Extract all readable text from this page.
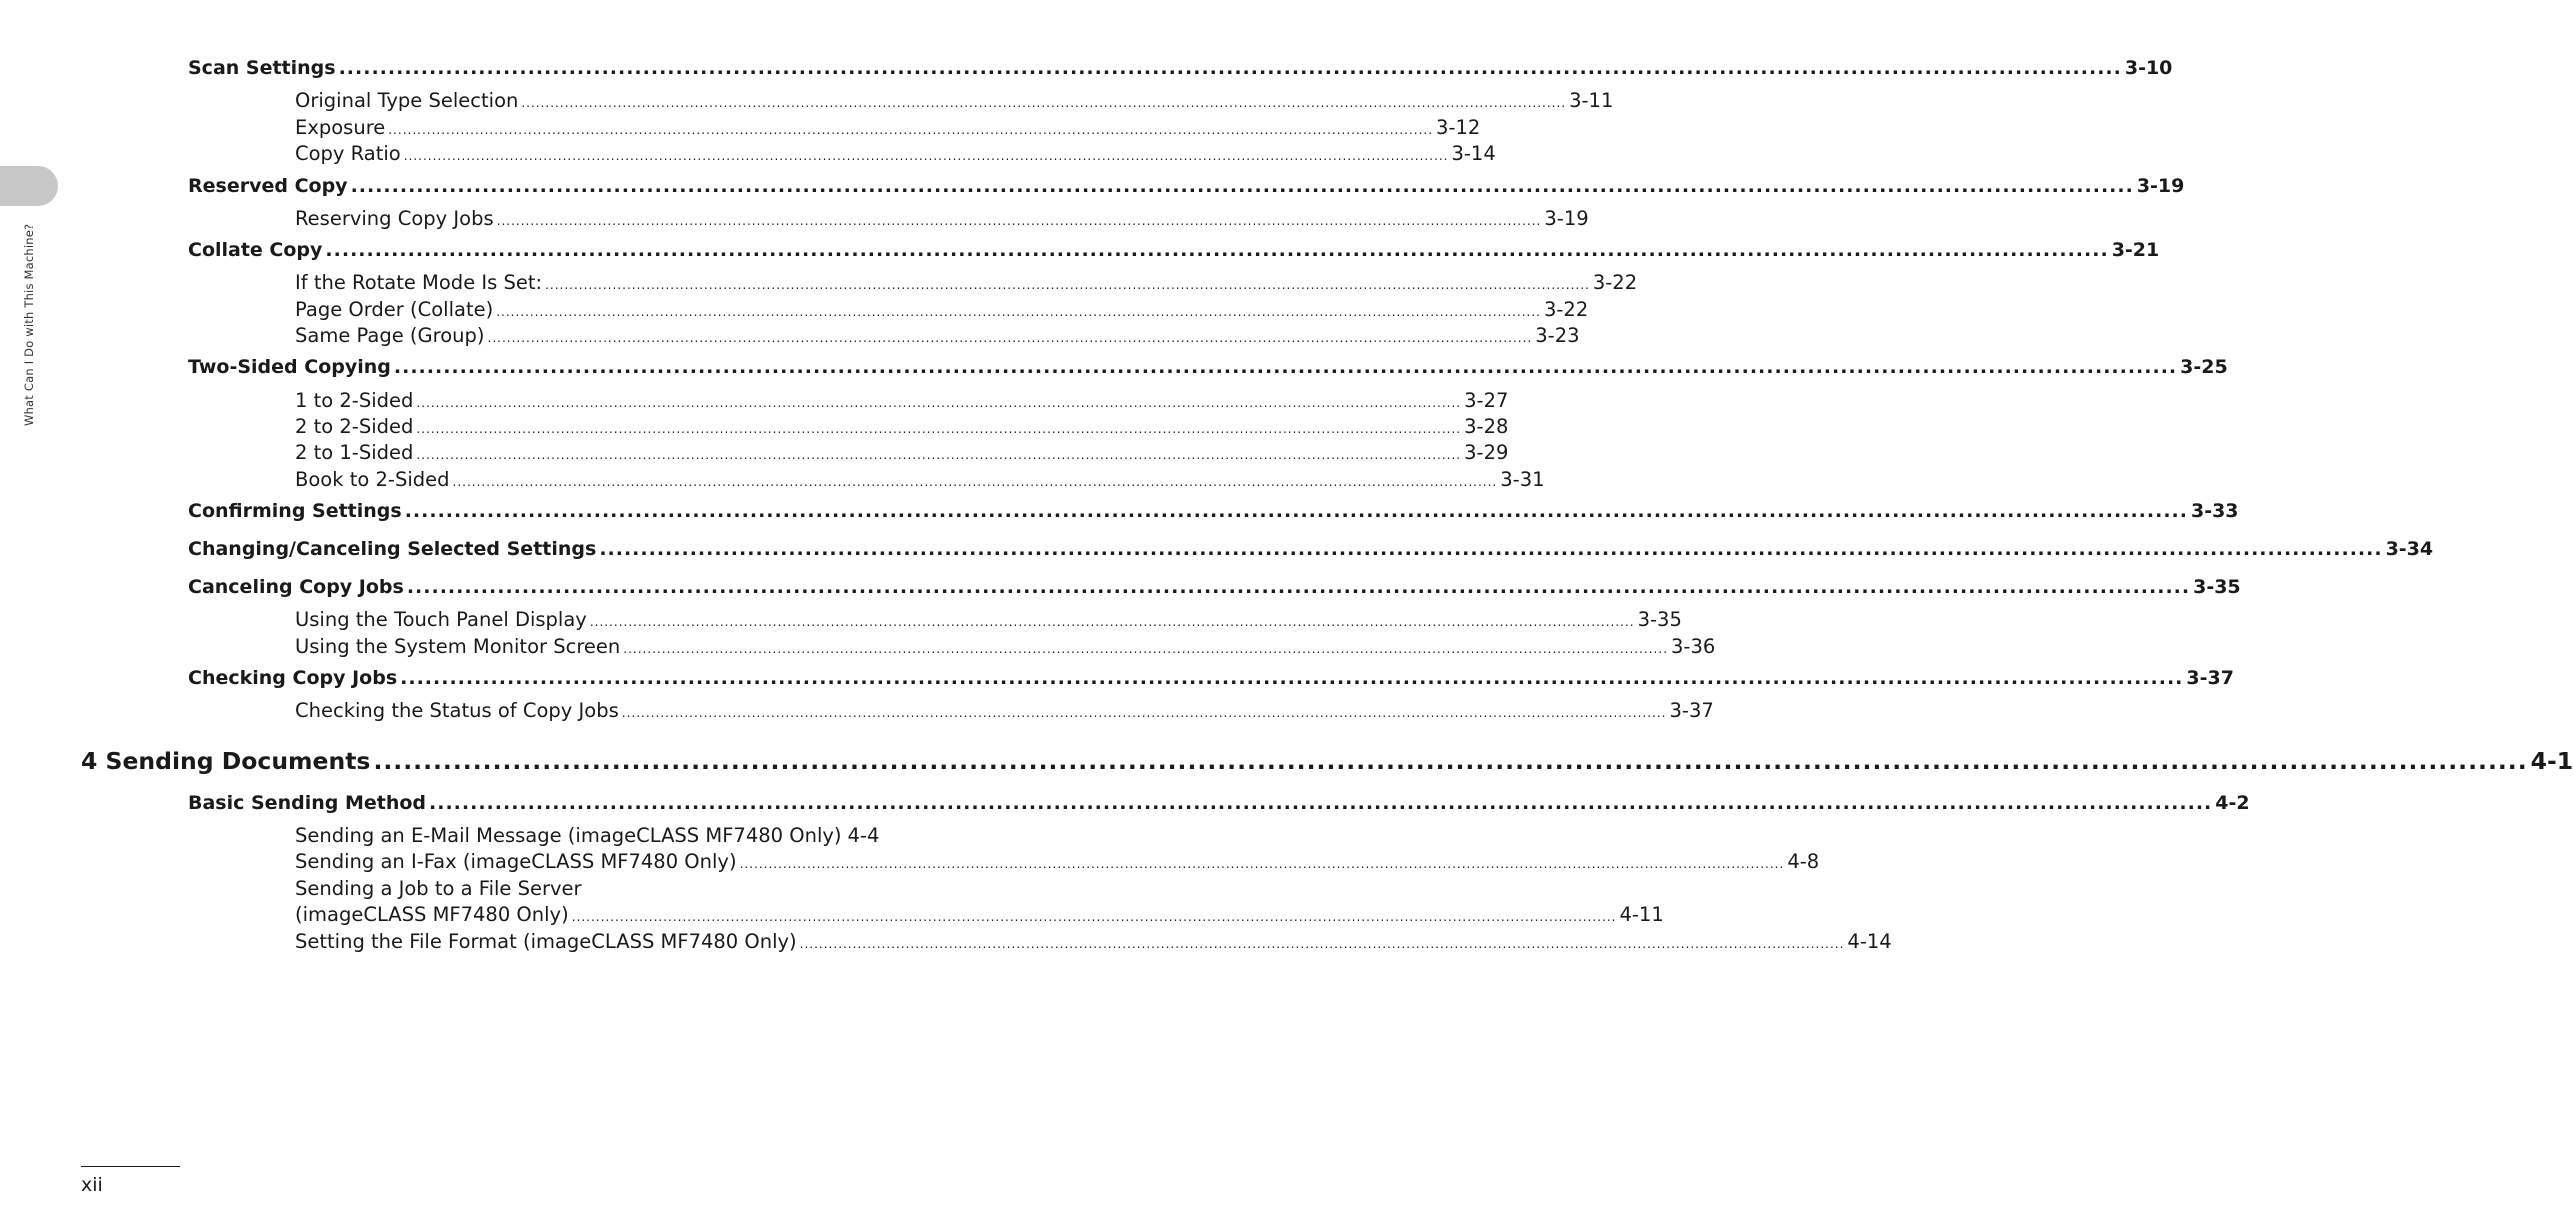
What Can I Do with This Machine?
Scan Settings ......................................................................................................................................................................................................................... 3-10
Original Type Selection ......................................................................................................................................................................................................................... 3-11
Exposure ......................................................................................................................................................................................................................... 3-12
Copy Ratio ......................................................................................................................................................................................................................... 3-14
Reserved Copy ......................................................................................................................................................................................................................... 3-19
Reserving Copy Jobs ......................................................................................................................................................................................................................... 3-19
Collate Copy ......................................................................................................................................................................................................................... 3-21
If the Rotate Mode Is Set: ......................................................................................................................................................................................................................... 3-22
Page Order (Collate) ......................................................................................................................................................................................................................... 3-22
Same Page (Group) ......................................................................................................................................................................................................................... 3-23
Two-Sided Copying ......................................................................................................................................................................................................................... 3-25
1 to 2-Sided ......................................................................................................................................................................................................................... 3-27
2 to 2-Sided ......................................................................................................................................................................................................................... 3-28
2 to 1-Sided ......................................................................................................................................................................................................................... 3-29
Book to 2-Sided ......................................................................................................................................................................................................................... 3-31
Confirming Settings ......................................................................................................................................................................................................................... 3-33
Changing/Canceling Selected Settings ......................................................................................................................................................................................................................... 3-34
Canceling Copy Jobs ......................................................................................................................................................................................................................... 3-35
Using the Touch Panel Display ......................................................................................................................................................................................................................... 3-35
Using the System Monitor Screen ......................................................................................................................................................................................................................... 3-36
Checking Copy Jobs ......................................................................................................................................................................................................................... 3-37
Checking the Status of Copy Jobs ......................................................................................................................................................................................................................... 3-37
4 Sending Documents ......................................................................................................................................................................................................................... 4-1
Basic Sending Method ......................................................................................................................................................................................................................... 4-2
Sending an E-Mail Message (imageCLASS MF7480 Only) 4-4
Sending an I-Fax (imageCLASS MF7480 Only) ......................................................................................................................................................................................................................... 4-8
Sending a Job to a File Server
(imageCLASS MF7480 Only) ......................................................................................................................................................................................................................... 4-11
Setting the File Format (imageCLASS MF7480 Only) ......................................................................................................................................................................................................................... 4-14
xii
